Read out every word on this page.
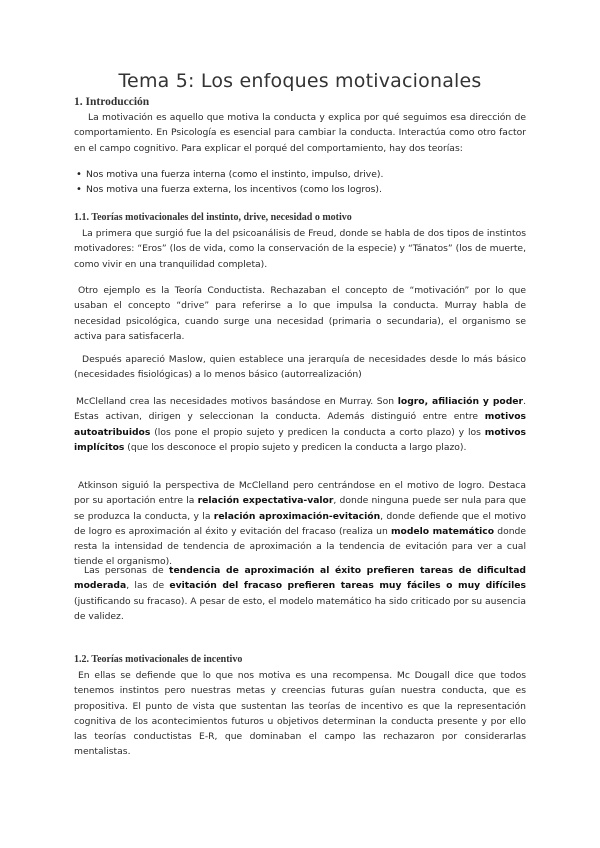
Tema 5: Los enfoques motivacionales

1. Introducción

La motivación es aquello que motiva la conducta y explica por qué seguimos esa dirección de comportamiento. En Psicología es esencial para cambiar la conducta. Interactúa como otro factor en el campo cognitivo. Para explicar el porqué del comportamiento, hay dos teorías:

• Nos motiva una fuerza interna (como el instinto, impulso, drive).
• Nos motiva una fuerza externa, los incentivos (como los logros).

1.1. Teorías motivacionales del instinto, drive, necesidad o motivo

La primera que surgió fue la del psicoanálisis de Freud, donde se habla de dos tipos de instintos motivadores: “Eros” (los de vida, como la conservación de la especie) y “Tánatos” (los de muerte, como vivir en una tranquilidad completa).

Otro ejemplo es la Teoría Conductista. Rechazaban el concepto de “motivación” por lo que usaban el concepto “drive” para referirse a lo que impulsa la conducta. Murray habla de necesidad psicológica, cuando surge una necesidad (primaria o secundaria), el organismo se activa para satisfacerla.

Después apareció Maslow, quien establece una jerarquía de necesidades desde lo más básico (necesidades fisiológicas) a lo menos básico (autorrealización)

McClelland crea las necesidades motivos basándose en Murray. Son logro, afiliación y poder. Estas activan, dirigen y seleccionan la conducta. Además distinguió entre entre motivos autoatribuidos (los pone el propio sujeto y predicen la conducta a corto plazo) y los motivos implícitos (que los desconoce el propio sujeto y predicen la conducta a largo plazo).

Atkinson siguió la perspectiva de McClelland pero centrándose en el motivo de logro. Destaca por su aportación entre la relación expectativa-valor, donde ninguna puede ser nula para que se produzca la conducta, y la relación aproximación-evitación, donde defiende que el motivo de logro es aproximación al éxito y evitación del fracaso (realiza un modelo matemático donde resta la intensidad de tendencia de aproximación a la tendencia de evitación para ver a cual tiende el organismo).

Las personas de tendencia de aproximación al éxito prefieren tareas de dificultad moderada, las de evitación del fracaso prefieren tareas muy fáciles o muy difíciles (justificando su fracaso). A pesar de esto, el modelo matemático ha sido criticado por su ausencia de validez.

1.2. Teorías motivacionales de incentivo

En ellas se defiende que lo que nos motiva es una recompensa. Mc Dougall dice que todos tenemos instintos pero nuestras metas y creencias futuras guían nuestra conducta, que es propositiva. El punto de vista que sustentan las teorías de incentivo es que la representación cognitiva de los acontecimientos futuros u objetivos determinan la conducta presente y por ello las teorías conductistas E-R, que dominaban el campo las rechazaron por considerarlas mentalistas.
